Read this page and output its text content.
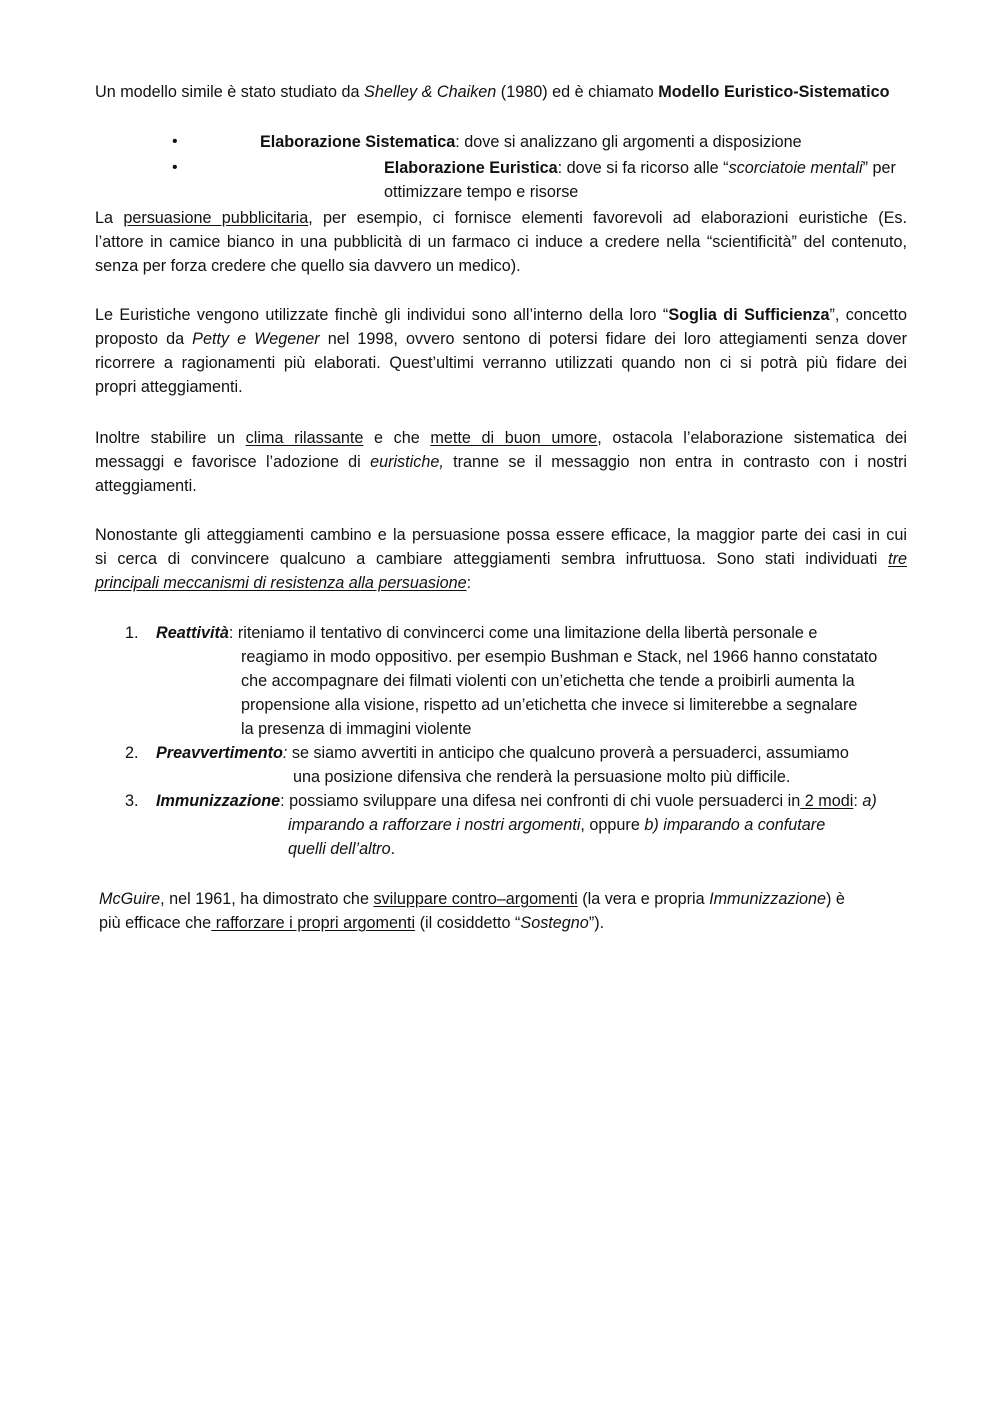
Un modello simile è stato studiato da Shelley & Chaiken (1980) ed è chiamato Modello Euristico-Sistematico
•	Elaborazione Sistematica: dove si analizzano gli argomenti a disposizione
•	Elaborazione Euristica: dove si fa ricorso alle “scorciatoie mentali” per
ottimizzare tempo e risorse
La persuasione pubblicitaria, per esempio, ci fornisce elementi favorevoli ad elaborazioni euristiche (Es.
l’attore in camice bianco in una pubblicità di un farmaco ci induce a credere nella “scientificità” del contenuto,
senza per forza credere che quello sia davvero un medico).
Le Euristiche vengono utilizzate finchè gli individui sono all’interno della loro “Soglia di Sufficienza”, concetto
proposto da Petty e Wegener nel 1998, ovvero sentono di potersi fidare dei loro attegiamenti senza dover
ricorrere a ragionamenti più elaborati. Quest’ultimi verranno utilizzati quando non ci si potrà più fidare dei
propri atteggiamenti.
Inoltre stabilire un clima rilassante e che mette di buon umore, ostacola l’elaborazione sistematica dei
messaggi e favorisce l’adozione di euristiche, tranne se il messaggio non entra in contrasto con i nostri
atteggiamenti.
Nonostante gli atteggiamenti cambino e la persuasione possa essere efficace, la maggior parte dei casi in cui
si cerca di convincere qualcuno a cambiare atteggiamenti sembra infruttuosa. Sono stati individuati tre
principali meccanismi di resistenza alla persuasione:
1. Reattività: riteniamo il tentativo di convincerci come una limitazione della libertà personale e
reagiamo in modo oppositivo. per esempio Bushman e Stack, nel 1966 hanno constatato
che accompagnare dei filmati violenti con un’etichetta che tende a proibirli aumenta la
propensione alla visione, rispetto ad un’etichetta che invece si limiterebbe a segnalare
la presenza di immagini violente
2. Preavvertimento: se siamo avvertiti in anticipo che qualcuno proverà a persuaderci, assumiamo
una posizione difensiva che renderà la persuasione molto più difficile.
3. Immunizzazione: possiamo sviluppare una difesa nei confronti di chi vuole persuaderci in 2 modi: a)
imparando a rafforzare i nostri argomenti, oppure b) imparando a confutare
quelli dell’altro.
McGuire, nel 1961, ha dimostrato che sviluppare contro–argomenti (la vera e propria Immunizzazione) è
più efficace che rafforzare i propri argomenti (il cosiddetto “Sostegno”).
